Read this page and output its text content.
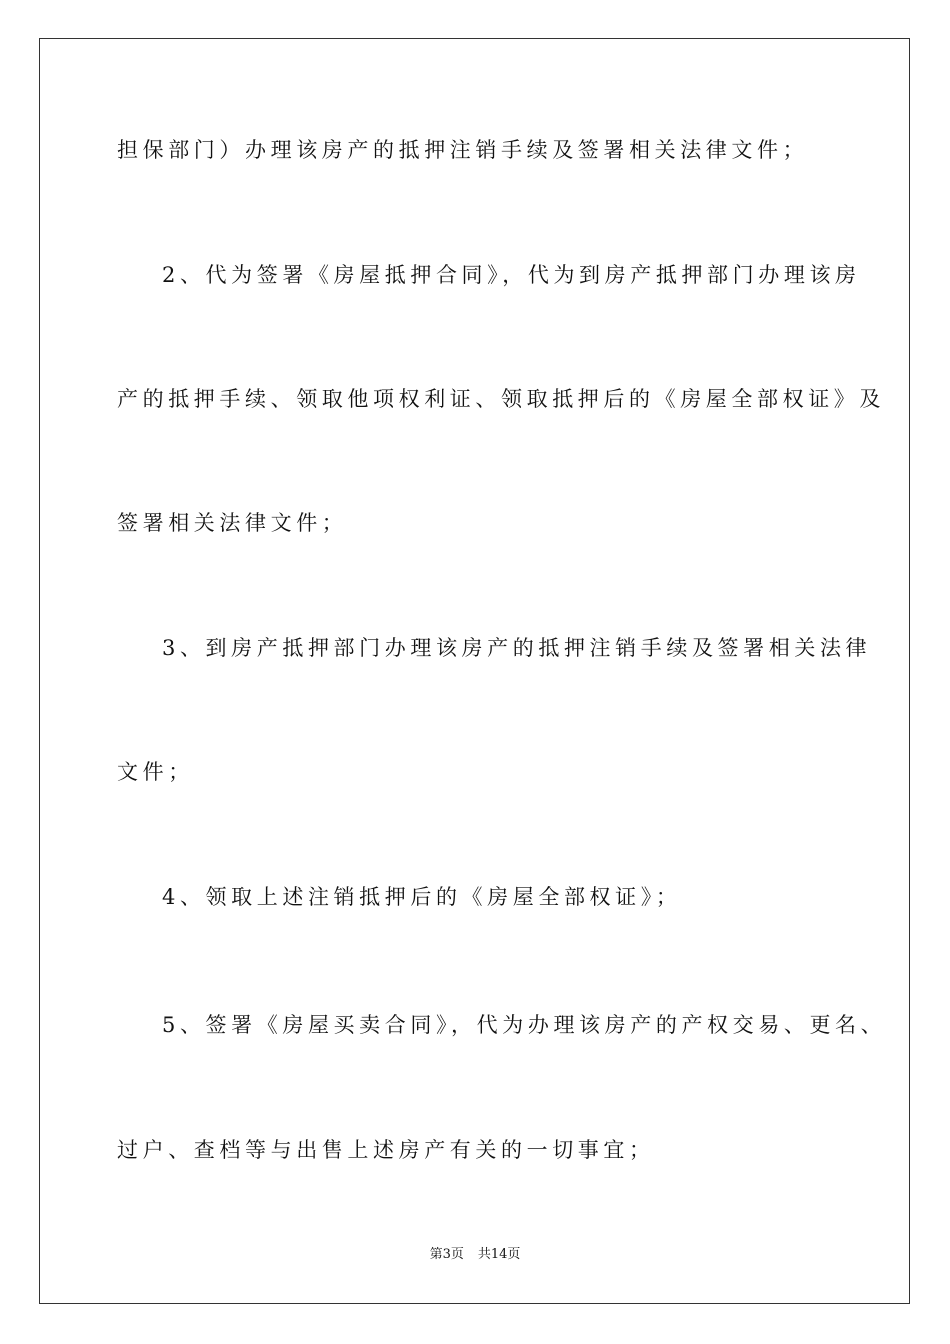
担保部门）办理该房产的抵押注销手续及签署相关法律文件；
2、代为签署《房屋抵押合同》，代为到房产抵押部门办理该房
产的抵押手续、领取他项权利证、领取抵押后的《房屋全部权证》及
签署相关法律文件；
3、到房产抵押部门办理该房产的抵押注销手续及签署相关法律
文件；
4、领取上述注销抵押后的《房屋全部权证》；
5、签署《房屋买卖合同》，代为办理该房产的产权交易、更名、
过户、查档等与出售上述房产有关的一切事宜；
第3页 共14页
